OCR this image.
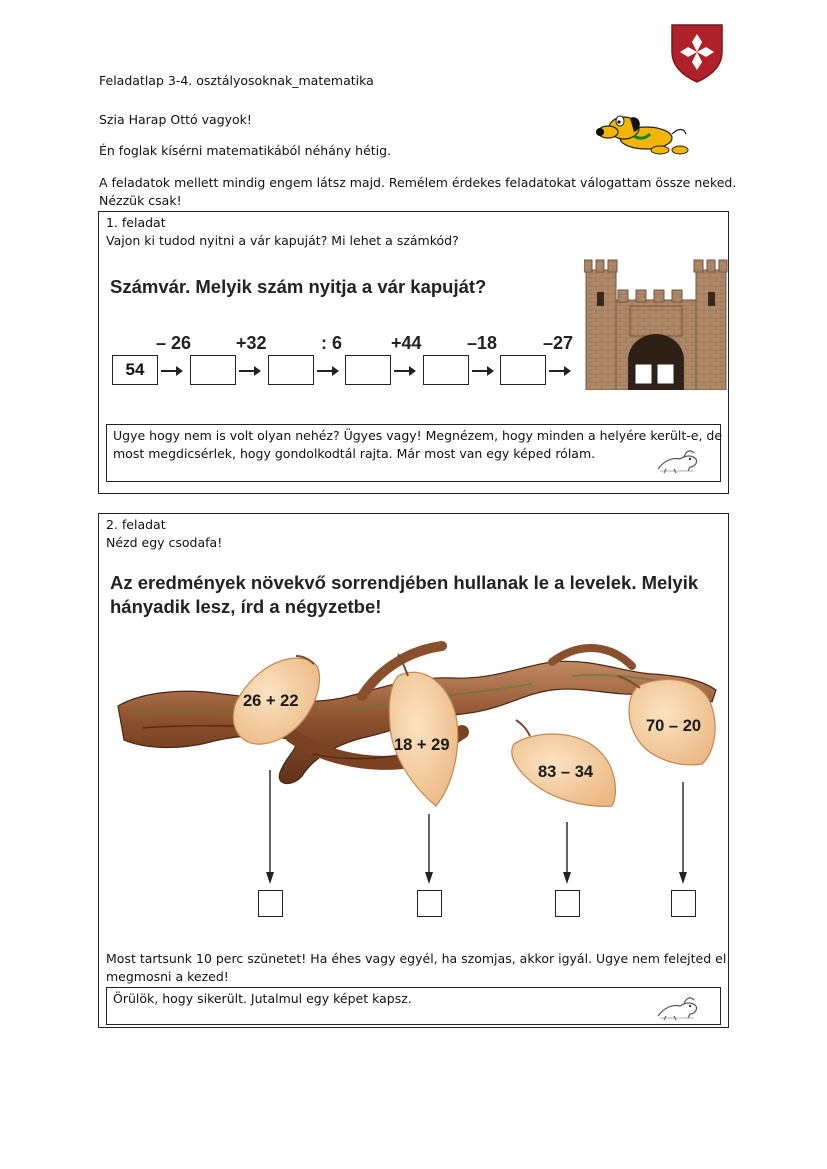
Feladatlap 3-4. osztályosoknak_matematika
Szia Harap Ottó vagyok!
Én foglak kísérni matematikából néhány hétig.
A feladatok mellett mindig engem látsz majd. Remélem érdekes feladatokat válogattam össze neked.
Nézzük csak!
1. feladat
Vajon ki tudod nyitni a vár kapuját? Mi lehet a számkód?
Számvár. Melyik szám nyitja a vár kapuját?
– 26 +32	: 6	+44	–18	–27
54
Ugye hogy nem is volt olyan nehéz? Ügyes vagy! Megnézem, hogy minden a helyére került-e, de
most megdicsérlek, hogy gondolkodtál rajta. Már most van egy képed rólam.
2. feladat
Nézd egy csodafa!
Az eredmények növekvő sorrendjében hullanak le a levelek. Melyik
hányadik lesz, írd a négyzetbe!
26 + 22
18 + 29
83 – 34
70 – 20
Most tartsunk 10 perc szünetet! Ha éhes vagy egyél, ha szomjas, akkor igyál. Ugye nem felejted el
megmosni a kezed!
Örülök, hogy sikerült. Jutalmul egy képet kapsz.
